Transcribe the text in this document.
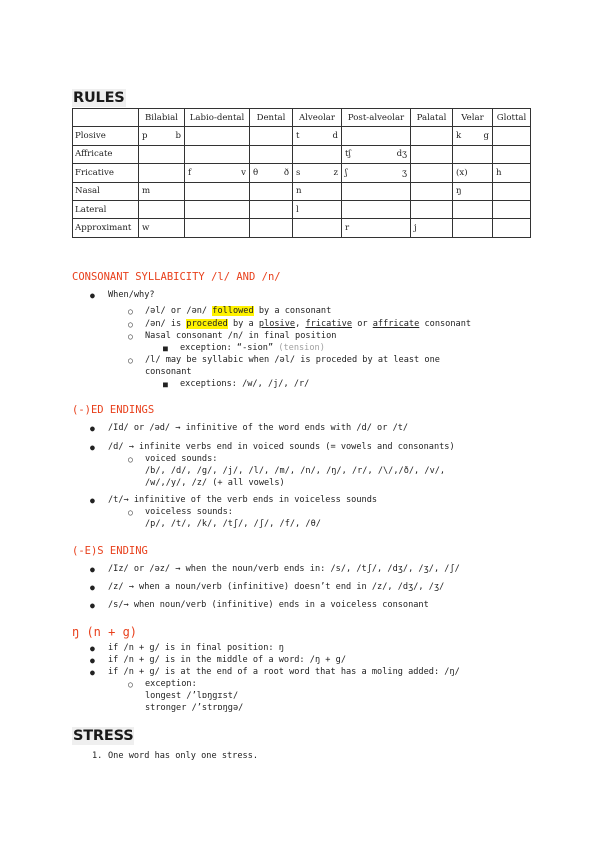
RULES
	Bilabial	Labio-dental	Dental	Alveolar	Post-alveolar	Palatal	Velar	Glottal
Plosive	p b			t d			k g	

Affricate					tʃ dʒ			

Fricative		f v	θ ð	s z	ʃ ʒ		(x)	h
Nasal	m			n			ŋ	
Lateral				l				
Approximant	w				r	j		
CONSONANT SYLLABICITY /l/ AND /n/
● When/why?
○ /əl/ or /ən/ followed by a consonant
○ /ən/ is proceded by a plosive, fricative or affricate consonant
○ Nasal consonant /n/ in final position
■ exception: “-sion” (tension)
○ /l/ may be syllabic when /əl/ is proceded by at least one
consonant
■ exceptions: /w/, /j/, /r/
(-)ED ENDINGS
● /Id/ or /əd/ → infinitive of the word ends with /d/ or /t/
● /d/ → infinite verbs end in voiced sounds (= vowels and consonants)
○ voiced sounds:
/b/, /d/, /g/, /j/, /l/, /m/, /n/, /ŋ/, /r/, /\/,/ð/, /v/,
/w/,/y/, /z/ (+ all vowels)
● /t/→ infinitive of the verb ends in voiceless sounds
○ voiceless sounds:
/p/, /t/, /k/, /tʃ/, /ʃ/, /f/, /θ/
(-E)S ENDING
● /Iz/ or /əz/ → when the noun/verb ends in: /s/, /tʃ/, /dʒ/, /ʒ/, /ʃ/
● /z/ → when a noun/verb (infinitive) doesn’t end in /z/, /dʒ/, /ʒ/
● /s/→ when noun/verb (infinitive) ends in a voiceless consonant
ŋ (n + g)
● if /n + g/ is in final position: ŋ
● if /n + g/ is in the middle of a word: /ŋ + g/
● if /n + g/ is at the end of a root word that has a moling added: /ŋ/
○ exception:
longest /’lɒŋgɪst/
stronger /’strɒŋgə/
STRESS
1. One word has only one stress.
